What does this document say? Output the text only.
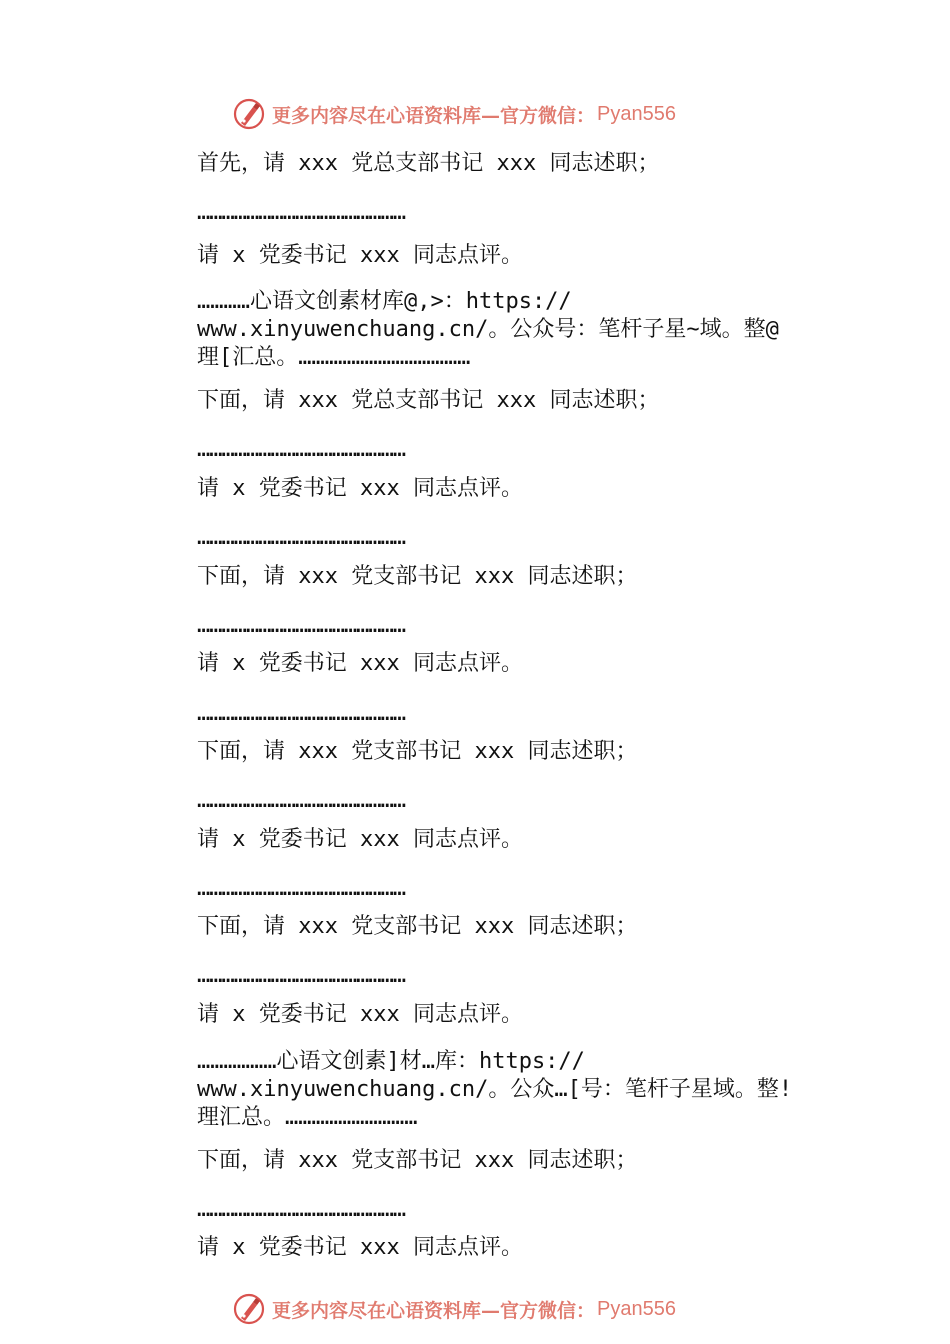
更多内容尽在心语资料库—官方微信： Pyan556
首先，请 xxx 党总支部书记 xxx 同志述职；
……………………………………………
请 x 党委书记 xxx 同志点评。
…………心语文创素材库@,>：https://
www.xinyuwenchuang.cn/。公众号：笔杆子星~域。整@
理[汇总。…………………………………
下面，请 xxx 党总支部书记 xxx 同志述职；
……………………………………………
请 x 党委书记 xxx 同志点评。
……………………………………………
下面，请 xxx 党支部书记 xxx 同志述职；
……………………………………………
请 x 党委书记 xxx 同志点评。
……………………………………………
下面，请 xxx 党支部书记 xxx 同志述职；
……………………………………………
请 x 党委书记 xxx 同志点评。
……………………………………………
下面，请 xxx 党支部书记 xxx 同志述职；
……………………………………………
请 x 党委书记 xxx 同志点评。
………………心语文创素]材…库：https://
www.xinyuwenchuang.cn/。公众…[号：笔杆子星域。整!
理汇总。…………………………
下面，请 xxx 党支部书记 xxx 同志述职；
……………………………………………
请 x 党委书记 xxx 同志点评。
更多内容尽在心语资料库—官方微信： Pyan556
